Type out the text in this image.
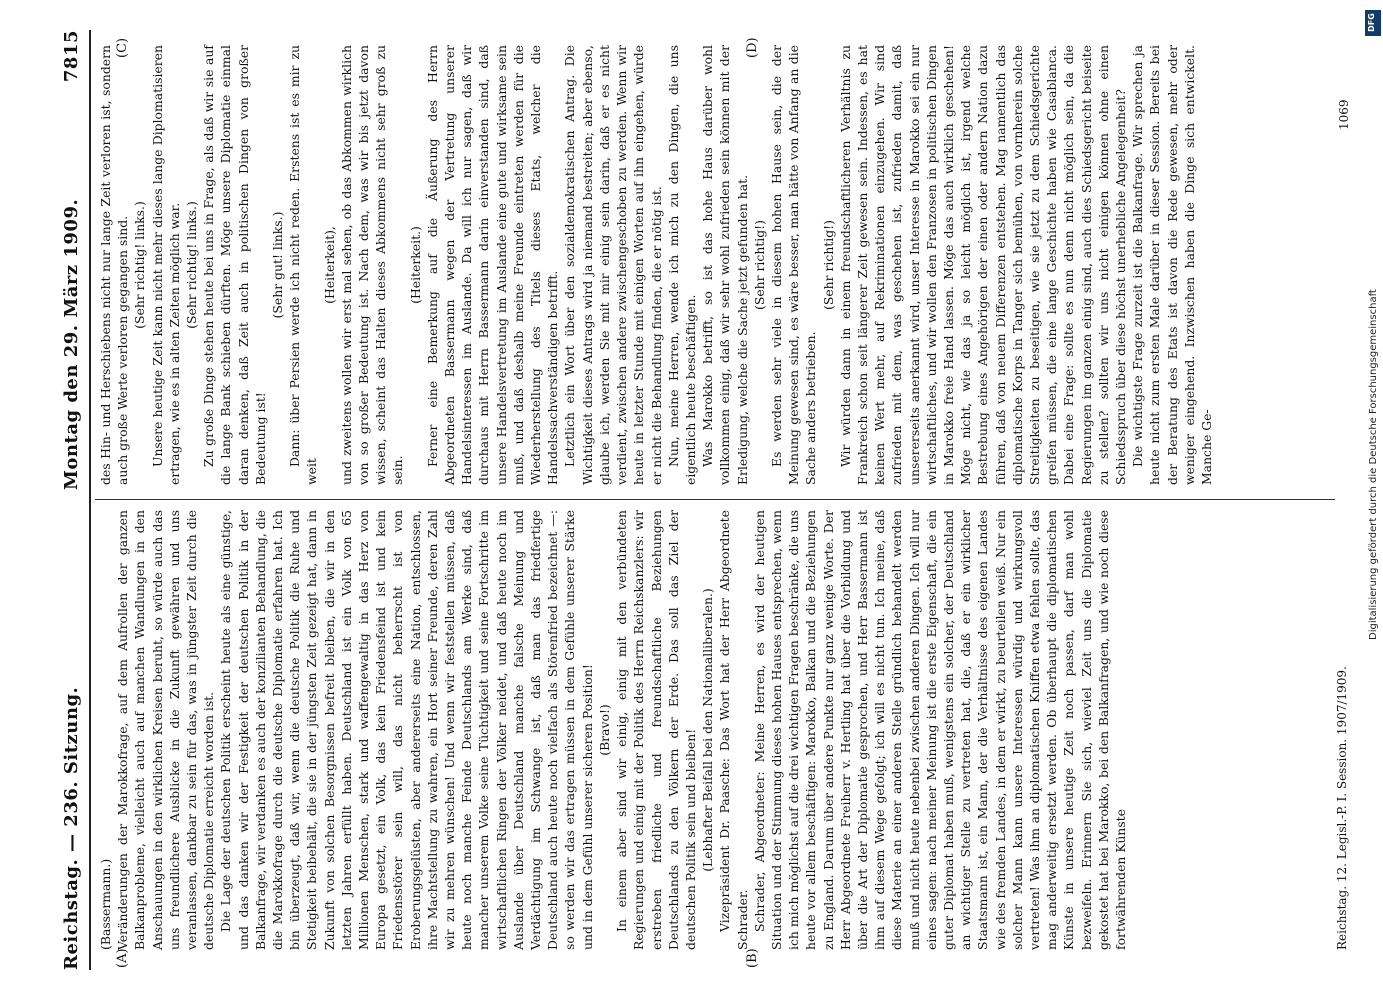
Reichstag. — 236. Sitzung.
Montag den 29. März 1909.
7815
(A)	(B)
(C)	(D)

(Bassermann.) Veränderungen der Marokkofrage, auf dem Aufrollen der ganzen Balkanprobleme, vielleicht auch auf manchen Wandlungen in den Anschauungen in den wirklichen Kreisen beruht, so würde auch das uns freundlichere Ausblicke in die Zukunft gewähren und uns veranlassen, dankbar zu sein für das, was in jüngster Zeit durch die deutsche Diplomatie erreicht worden ist. Die Lage der deutschen Politik erscheint heute als eine günstige, und das danken wir der Festigkeit der deutschen Politik in der Balkanfrage, wir verdanken es auch der konzilianten Behandlung, die die Marokkofrage durch die deutsche Diplomatie erfahren hat. Ich bin überzeugt, daß wir, wenn die deutsche Politik die Ruhe und Stetigkeit beibehält, die sie in der jüngsten Zeit gezeigt hat, dann in Zukunft von solchen Besorgnissen befreit bleiben, die wir in den letzten Jahren erfüllt haben. Deutschland ist ein Volk von 65 Millionen Menschen, stark und waffengewaltig in das Herz von Europa gesetzt, ein Volk, das kein Friedensfeind ist und kein Friedensstörer sein will, das nicht beherrscht ist von Eroberungsgelüsten, aber andererseits eine Nation, entschlossen, ihre Machtstellung zu wahren, ein Hort seiner Freunde, deren Zahl wir zu mehren wünschen! Und wenn wir feststellen müssen, daß heute noch manche Feinde Deutschlands am Werke sind, daß mancher unserem Volke seine Tüchtigkeit und seine Fortschritte im wirtschaftlichen Ringen der Völker neidet, und daß heute noch im Auslande über Deutschland manche falsche Meinung und Verdächtigung im Schwange ist, daß man das friedfertige Deutschland auch heute noch vielfach als Störenfried bezeichnet —: so werden wir das ertragen müssen in dem Gefühle unserer Stärke und in dem Gefühl unserer sicheren Position! (Bravo!) In einem aber sind wir einig, einig mit den verbündeten Regierungen und einig mit der Politik des Herrn Reichskanzlers: wir erstreben friedliche und freundschaftliche Beziehungen Deutschlands zu den Völkern der Erde. Das soll das Ziel der deutschen Politik sein und bleiben! (Lebhafter Beifall bei den Nationalliberalen.) Vizepräsident Dr. Paasche: Das Wort hat der Herr Abgeordnete Schrader. Schrader, Abgeordneter: Meine Herren, es wird der heutigen Situation und der Stimmung dieses hohen Hauses entsprechen, wenn ich mich möglichst auf die drei wichtigen Fragen beschränke, die uns heute vor allem beschäftigen: Marokko, Balkan und die Beziehungen zu England. Darum über andere Punkte nur ganz wenige Worte. Der Herr Abgeordnete Freiherr v. Hertling hat über die Vorbildung und über die Art der Diplomatie gesprochen, und Herr Bassermann ist ihm auf diesem Wege gefolgt; ich will es nicht tun. Ich meine, daß diese Materie an einer anderen Stelle gründlich behandelt werden muß und nicht heute nebenbei zwischen anderen Dingen. Ich will nur eines sagen: nach meiner Meinung ist die erste Eigenschaft, die ein guter Diplomat haben muß, wenigstens ein solcher, der Deutschland an wichtiger Stelle zu vertreten hat, die, daß er ein wirklicher Staatsmann ist, ein Mann, der die Verhältnisse des eigenen Landes wie des fremden Landes, in dem er wirkt, zu beurteilen weiß. Nur ein solcher Mann kann unsere Interessen würdig und wirkungsvoll vertreten! Was ihm an diplomatischen Kniffen etwa fehlen sollte, das mag anderweitig ersetzt werden. Ob überhaupt die diplomatischen Künste in unsere heutige Zeit noch passen, darf man wohl bezweifeln. Erinnern Sie sich, wieviel Zeit uns die Diplomatie gekostet hat bei Marokko, bei den Balkanfragen, und wie noch diese fortwährenden Künste

des Hin- und Herschiebens nicht nur lange Zeit verloren ist, sondern auch große Werte verloren gegangen sind. (Sehr richtig! links.) Unsere heutige Zeit kann nicht mehr dieses lange Diplomatisieren ertragen, wie es in alten Zeiten möglich war. (Sehr richtig! links.) Zu große Dinge stehen heute bei uns in Frage, als daß wir sie auf die lange Bank schieben dürften. Möge unsere Diplomatie einmal daran denken, daß Zeit auch in politischen Dingen von großer Bedeutung ist!

(Sehr gut! links.) Dann: über Persien werde ich nicht reden. Erstens ist es mir zu weit

(Heiterkeit), und zweitens wollen wir erst mal sehen, ob das Abkommen wirklich von so großer Bedeutung ist. Nach dem, was wir bis jetzt davon wissen, scheint das Halten dieses Abkommens nicht sehr groß zu sein.

(Heiterkeit.) Ferner eine Bemerkung auf die Äußerung des Herrn Abgeordneten Bassermann wegen der Vertretung unserer Handelsinteressen im Auslande. Da will ich nur sagen, daß wir durchaus mit Herrn Bassermann darin einverstanden sind, daß unsere Handelsvertretung im Auslande eine gute und wirksame sein muß, und daß deshalb meine Freunde eintreten werden für die Wiederherstellung des Titels dieses Etats, welcher die Handelssachverständigen betrifft. Letztlich ein Wort über den sozialdemokratischen Antrag. Die Wichtigkeit dieses Antrags wird ja niemand bestreiten; aber ebenso, glaube ich, werden Sie mit mir einig sein darin, daß er es nicht verdient, zwischen andere zwischengeschoben zu werden. Wenn wir heute in letzter Stunde mit einigen Worten auf ihn eingehen, würde er nicht die Behandlung finden, die er nötig ist. Nun, meine Herren, wende ich mich zu den Dingen, die uns eigentlich heute beschäftigen. Was Marokko betrifft, so ist das hohe Haus darüber wohl vollkommen einig, daß wir sehr wohl zufrieden sein können mit der Erledigung, welche die Sache jetzt gefunden hat. (Sehr richtig!) Es werden sehr viele in diesem hohen Hause sein, die der Meinung gewesen sind, es wäre besser, man hätte von Anfang an die Sache anders betrieben.

(Sehr richtig!) Wir würden dann in einem freundschaftlicheren Verhältnis zu Frankreich schon seit längerer Zeit gewesen sein. Indessen, es hat keinen Wert mehr, auf Rekriminationen einzugehen. Wir sind zufrieden mit dem, was geschehen ist, zufrieden damit, daß unsererseits anerkannt wird, unser Interesse in Marokko sei ein nur wirtschaftliches, und wir wollen den Franzosen in politischen Dingen in Marokko freie Hand lassen. Möge das auch wirklich geschehen! Möge nicht, wie das ja so leicht möglich ist, irgend welche Bestrebung eines Angehörigen der einen oder andern Nation dazu führen, daß von neuem Differenzen entstehen. Mag namentlich das diplomatische Korps in Tanger sich bemühen, von vornherein solche Streitigkeiten zu beseitigen, wie sie jetzt zu dem Schiedsgerichte greifen müssen, die eine lange Geschichte haben wie Casablanca. Dabei eine Frage: sollte es nun denn nicht möglich sein, da die Regierungen im ganzen einig sind, auch dies Schiedsgericht beiseite zu stellen? sollten wir uns nicht einigen können ohne einen Schiedsspruch über diese höchst unerhebliche Angelegenheit? Die wichtigste Frage zurzeit ist die Balkanfrage. Wir sprechen ja heute nicht zum ersten Male darüber in dieser Session. Bereits bei der Beratung des Etats ist davon die Rede gewesen, mehr oder weniger eingehend. Inzwischen haben die Dinge sich entwickelt. Manche Ge-

Reichstag. 12. Legisl.-P. I. Session. 1907/1909.
1069
DFG
Digitalisierung gefördert durch die Deutsche Forschungsgemeinschaft
